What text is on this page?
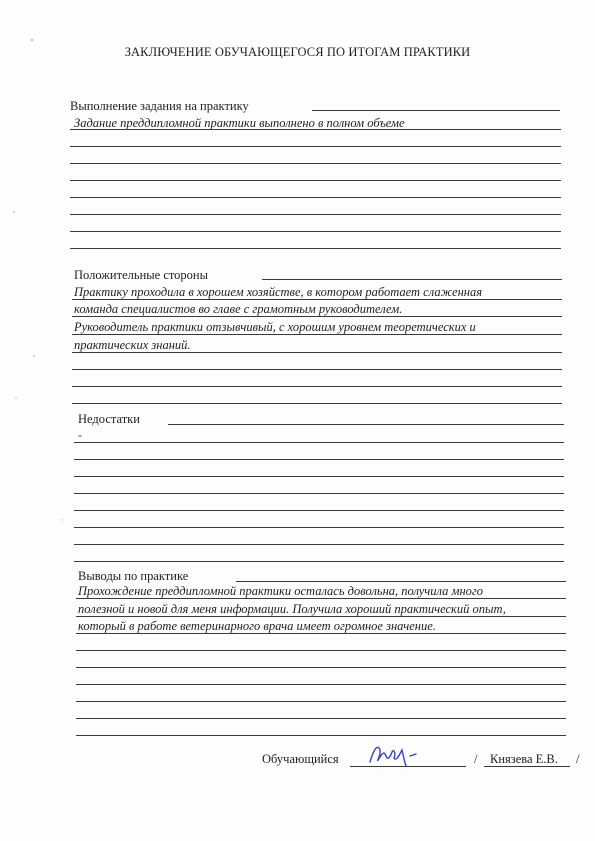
ЗАКЛЮЧЕНИЕ ОБУЧАЮЩЕГОСЯ ПО ИТОГАМ ПРАКТИКИ
Выполнение задания на практику
Задание преддипломной практики выполнено в полном объеме
Положительные стороны
Практику проходила в хорошем хозяйстве, в котором работает слаженная
команда специалистов во главе с грамотным руководителем.
Руководитель практики отзывчивый, с хорошим уровнем теоретических и
практических знаний.
Недостатки
-
Выводы по практике
Прохождение преддипломной практики осталась довольна, получила много
полезной и новой для меня информации. Получила хороший практический опыт,
который в работе ветеринарного врача имеет огромное значение.
Обучающийся	/ Князева Е.В. /
